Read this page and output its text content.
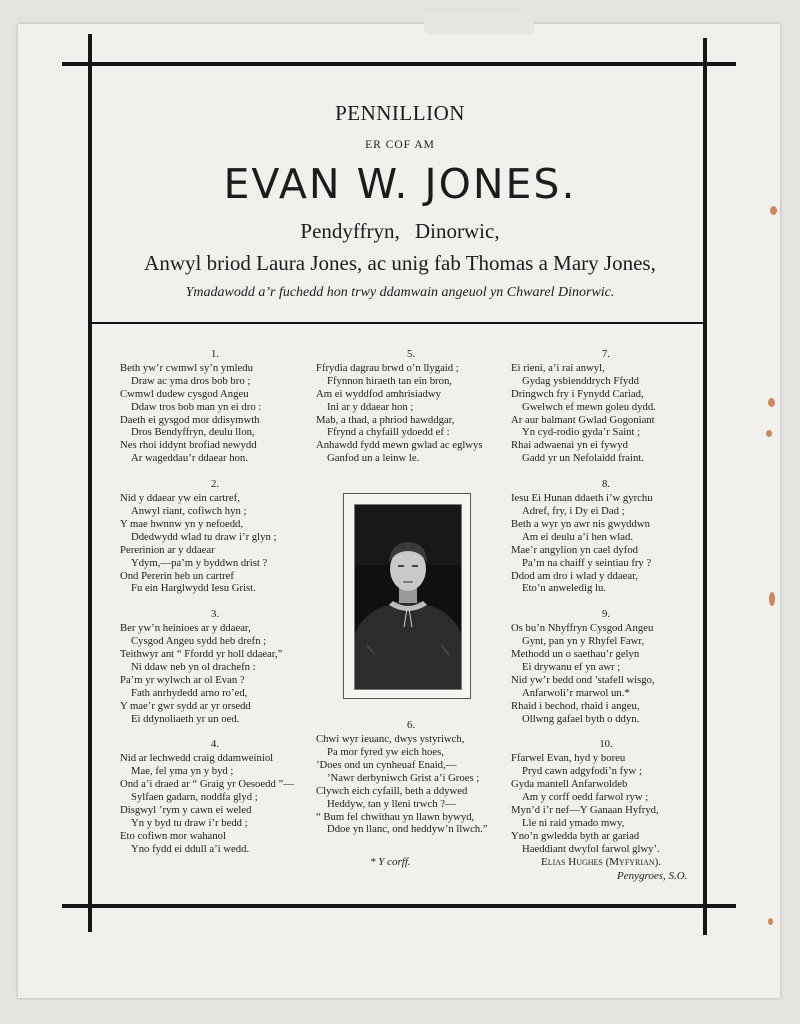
PENNILLION
ER COF AM
EVAN W. JONES.
Pendyffryn, Dinorwic,
Anwyl briod Laura Jones, ac unig fab Thomas a Mary Jones,
Ymadawodd a’r fuchedd hon trwy ddamwain angeuol yn Chwarel Dinorwic.
1.
Beth yw’r cwmwl sy’n ymledu
Draw ac yma dros bob bro ;
Cwmwl dudew cysgod Angeu
Ddaw tros bob man yn ei dro :
Daeth ei gysgod mor ddisymwth
Dros Bendyffryn, deulu llon,
Nes rhoi iddynt brofiad newydd
Ar wageddau’r ddaear hon.
2.
Nid y ddaear yw ein cartref,
Anwyl riant, cofiwch hyn ;
Y mae hwnnw yn y nefoedd,
Ddedwydd wlad tu draw i’r glyn ;
Pererinion ar y ddaear
Ydym,—pa’m y byddwn drist ?
Ond Pererin heb un cartref
Fu ein Harglwydd Iesu Grist.
3.
Ber yw’n heinioes ar y ddaear,
Cysgod Angeu sydd heb drefn ;
Teithwyr ant “ Ffordd yr holl ddaear,”
Ni ddaw neb yn ol drachefn :
Pa’m yr wylwch ar ol Evan ?
Fath anrhydedd arno ro’ed,
Y mae’r gwr sydd ar yr orsedd
Ei ddynoliaeth yr un oed.
4.
Nid ar lechwedd craig ddamweiniol
Mae, fel yma yn y byd ;
Ond a’i draed ar “ Graig yr Oesoedd ”—
Sylfaen gadarn, noddfa glyd ;
Disgwyl ’rym y cawn ei weled
Yn y byd tu draw i’r bedd ;
Eto cofiwn mor wahanol
Yno fydd ei ddull a’i wedd.
5.
Ffrydia dagrau brwd o’n llygaid ;
Ffynnon hiraeth tan ein bron,
Am ei wyddfod amhrisiadwy
Ini ar y ddaear hon ;
Mab, a thad, a phriod hawddgar,
Ffrynd a chyfaill ydoedd ef :
Anhawdd fydd mewn gwlad ac eglwys
Ganfod un a leinw le.
6.
Chwi wyr ieuanc, dwys ystyriwch,
Pa mor fyred yw eich hoes,
’Does ond un cynheuaf Enaid,—
’Nawr derbyniwch Grist a’i Groes ;
Clywch eich cyfaill, beth a ddywed
Heddyw, tan y lleni trwch ?—
“ Bum fel chwithau yn llawn bywyd,
Ddoe yn llanc, ond heddyw’n llwch.”
7.
Ei rieni, a’i rai anwyl,
Gydag ysbienddrych Ffydd
Dringwch fry i Fynydd Cariad,
Gwelwch ef mewn goleu dydd.
Ar aur balmant Gwlad Gogoniant
Yn cyd-rodio gyda’r Saint ;
Rhai adwaenai yn ei fywyd
Gadd yr un Nefolaidd fraint.
8.
Iesu Ei Hunan ddaeth i’w gyrchu
Adref, fry, i Dy ei Dad ;
Beth a wyr yn awr nis gwyddwn
Am ei deulu a’i hen wlad.
Mae’r angylion yn cael dyfod
Pa’m na chaiff y seintiau fry ?
Ddod am dro i wlad y ddaear,
Eto’n anweledig lu.
9.
Os bu’n Nhyffryn Cysgod Angeu
Gynt, pan yn y Rhyfel Fawr,
Methodd un o saethau’r gelyn
Ei drywanu ef yn awr ;
Nid yw’r bedd ond ’stafell wisgo,
Anfarwoli’r marwol un.*
Rhaid i bechod, rhaid i angeu,
Ollwng gafael byth o ddyn.
10.
Ffarwel Evan, hyd y boreu
Pryd cawn adgyfodi’n fyw ;
Gyda mantell Anfarwoldeb
Am y corff oedd farwol ryw ;
Myn’d i’r nef—Y Ganaan Hyfryd,
Lle ni raid ymado mwy,
Yno’n gwledda byth ar gariad
Haeddiant dwyfol farwol glwy’.
* Y corff.	Elias Hughes (Myfyrian).
Penygroes, S.O.
